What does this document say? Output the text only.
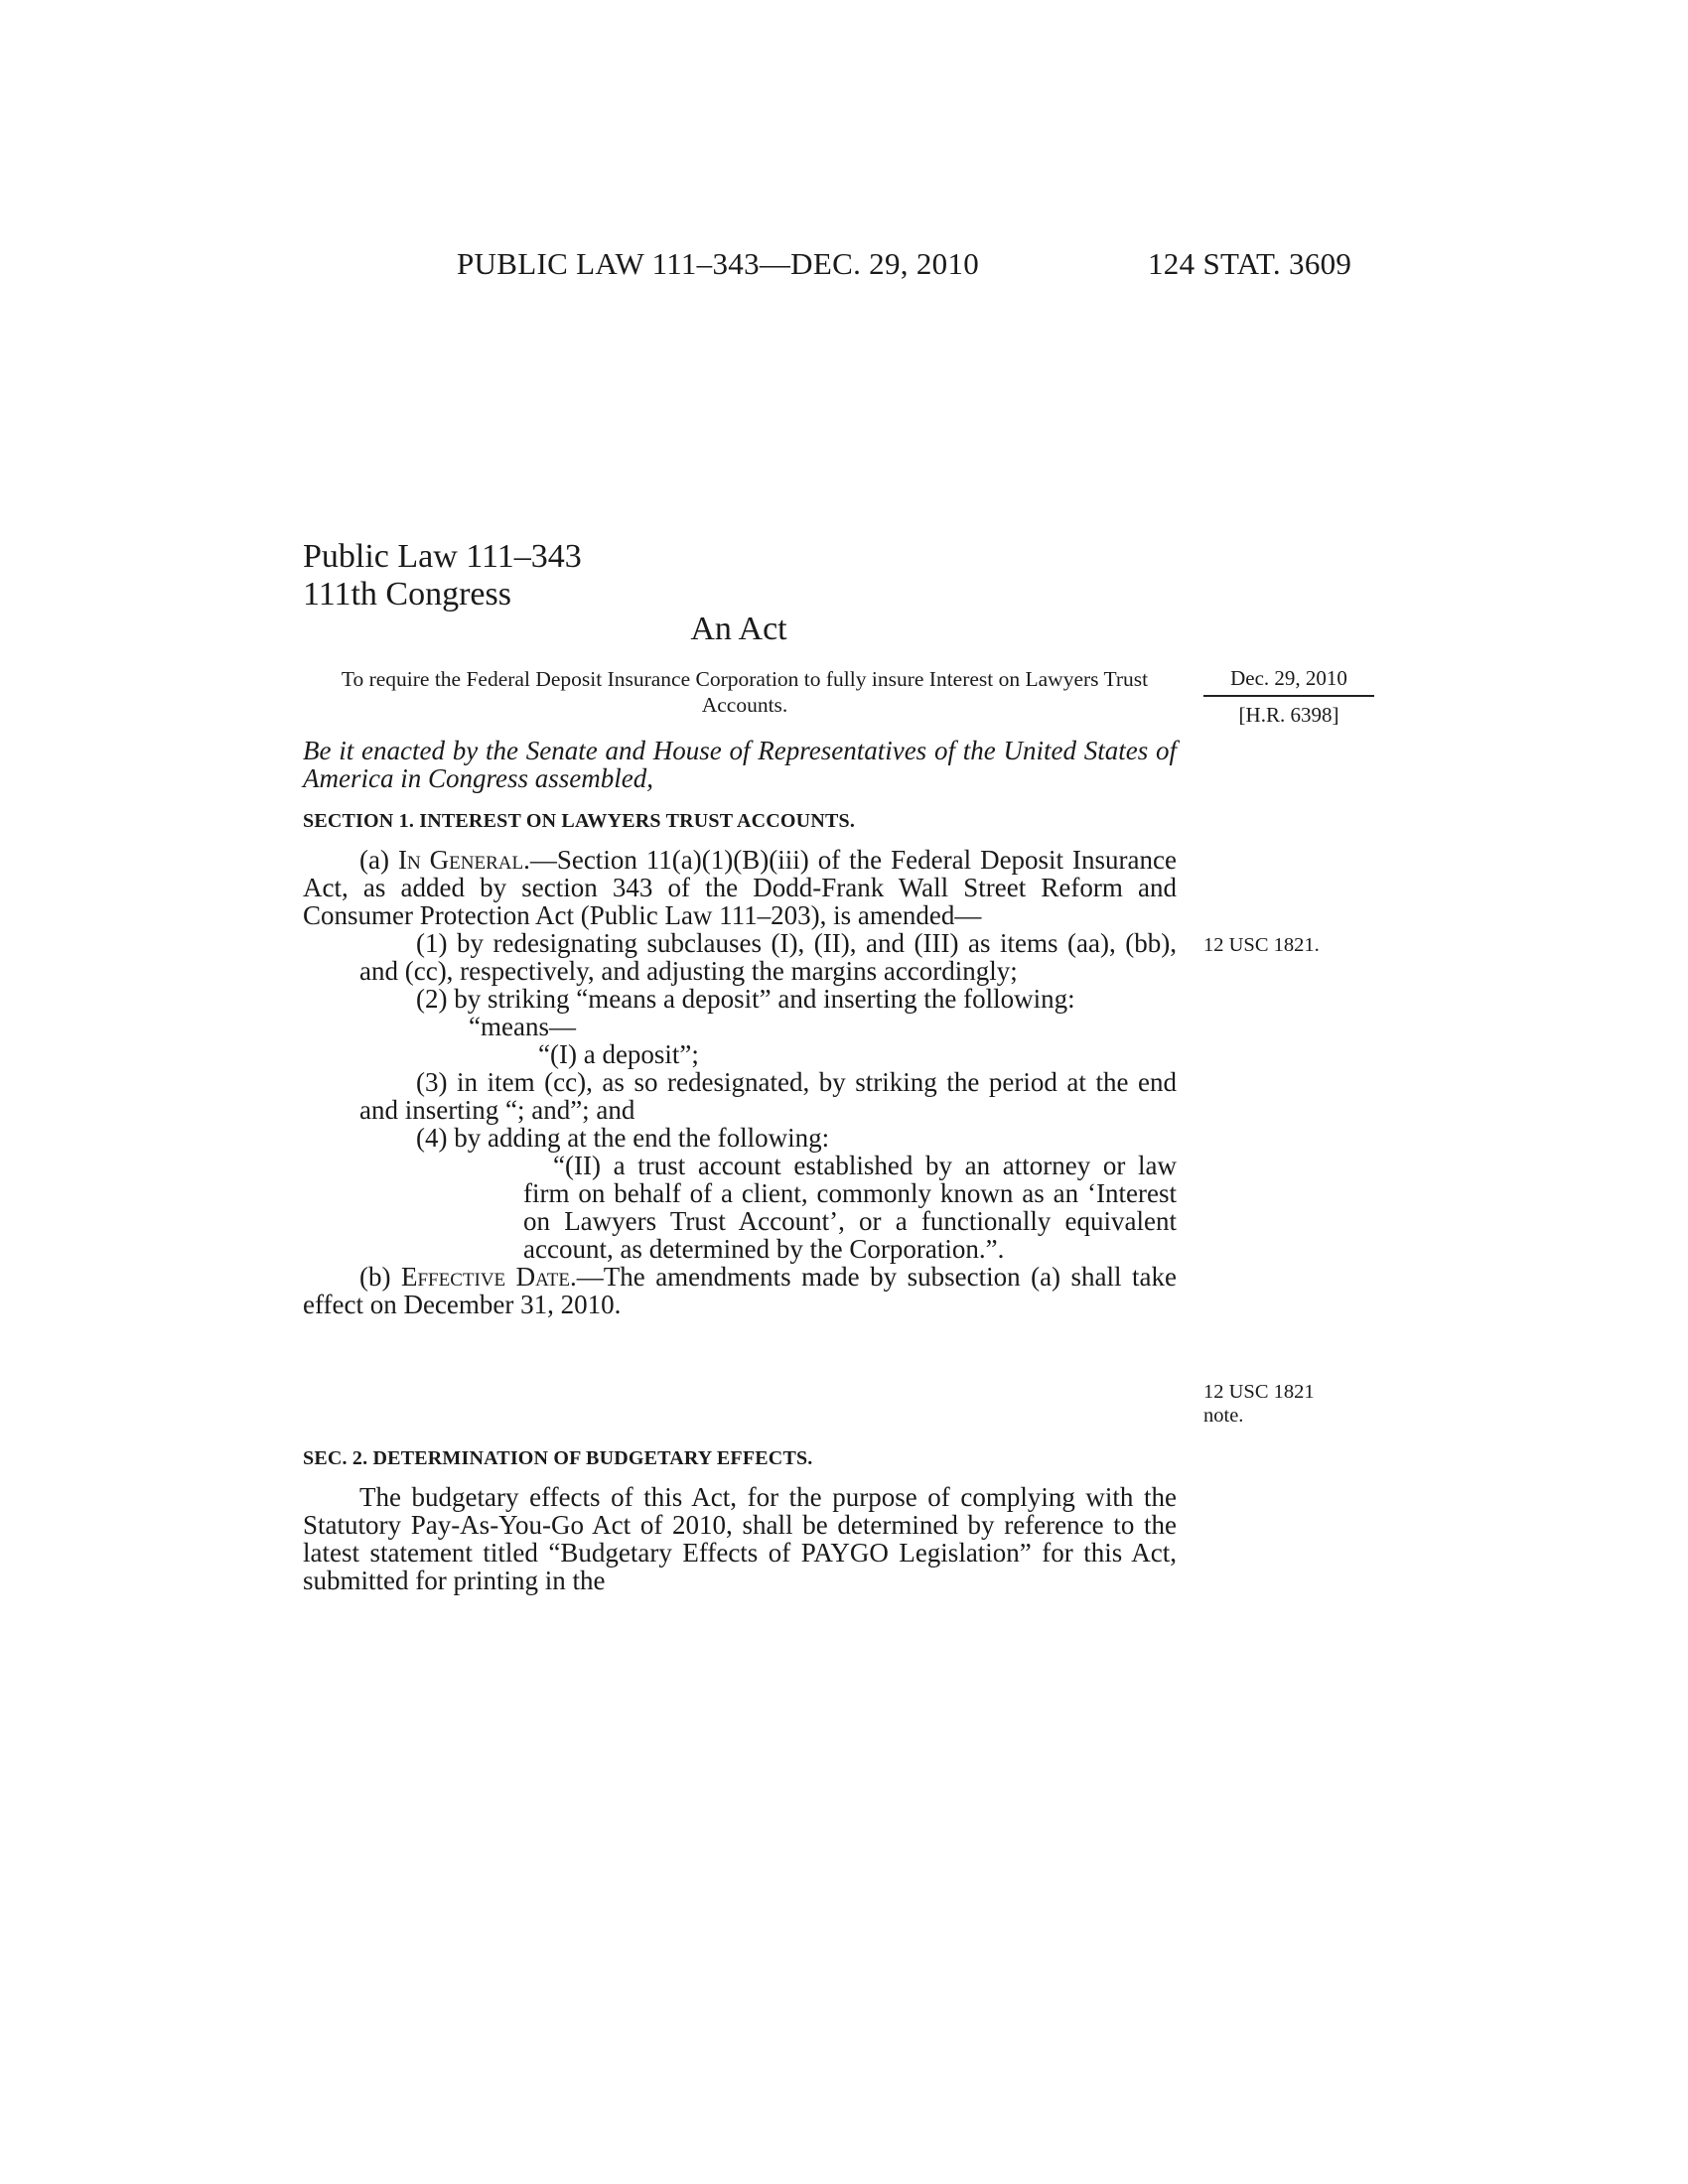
PUBLIC LAW 111–343—DEC. 29, 2010	124 STAT. 3609
Public Law 111–343
111th Congress
An Act
To require the Federal Deposit Insurance Corporation to fully insure Interest on Lawyers Trust Accounts.
Dec. 29, 2010
[H.R. 6398]
Be it enacted by the Senate and House of Representatives of the United States of America in Congress assembled,
SECTION 1. INTEREST ON LAWYERS TRUST ACCOUNTS.

(a) In General.—Section 11(a)(1)(B)(iii) of the Federal Deposit Insurance Act, as added by section 343 of the Dodd-Frank Wall Street Reform and Consumer Protection Act (Public Law 111–203), is amended—

(1) by redesignating subclauses (I), (II), and (III) as items (aa), (bb), and (cc), respectively, and adjusting the margins accordingly;

(2) by striking “means a deposit” and inserting the following:

“means—

“(I) a deposit”;

(3) in item (cc), as so redesignated, by striking the period at the end and inserting “; and”; and

(4) by adding at the end the following:

“(II) a trust account established by an attorney or law firm on behalf of a client, commonly known as an ‘Interest on Lawyers Trust Account’, or a functionally equivalent account, as determined by the Corporation.”.

(b) Effective Date.—The amendments made by subsection (a) shall take effect on December 31, 2010.

12 USC 1821.
12 USC 1821
note.
SEC. 2. DETERMINATION OF BUDGETARY EFFECTS.

The budgetary effects of this Act, for the purpose of complying with the Statutory Pay-As-You-Go Act of 2010, shall be determined by reference to the latest statement titled “Budgetary Effects of PAYGO Legislation” for this Act, submitted for printing in the
